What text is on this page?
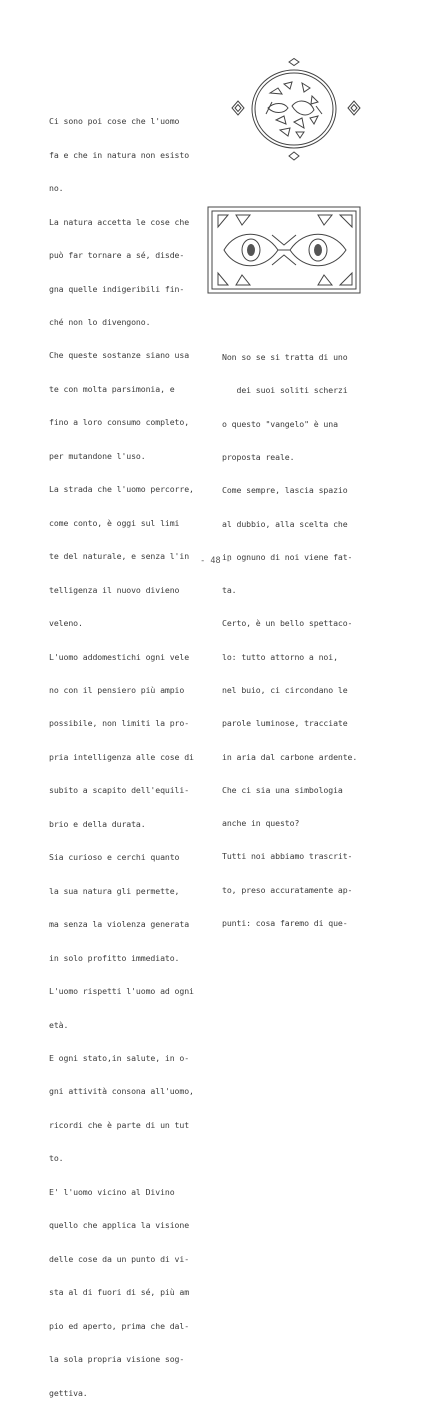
Ci sono poi cose che l'uomo

fa e che in natura non esisto

no.

La natura accetta le cose che

può far tornare a sé, disde-

gna quelle indigeribili fin-

ché non lo divengono.

Che queste sostanze siano usa

te con molta parsimonia, e

fino a loro consumo completo,

per mutandone l'uso.

La strada che l'uomo percorre,

come conto, è oggi sul limi

te del naturale, e senza l'in

telligenza il nuovo divieno

veleno.

L'uomo addomestichi ogni vele

no con il pensiero più ampio

possibile, non limiti la pro-

pria intelligenza alle cose di

subito a scapito dell'equili-

brio e della durata.

Sia curioso e cerchi quanto

la sua natura gli permette,

ma senza la violenza generata

in solo profitto immediato.

L'uomo rispetti l'uomo ad ogni

età.

E ogni stato,in salute, in o-

gni attività consona all'uomo,

ricordi che è parte di un tut

to.

E' l'uomo vicino al Divino

quello che applica la visione

delle cose da un punto di vi-

sta al di fuori di sé, più am

pio ed aperto, prima che dal-

la sola propria visione sog-

gettiva.

Non so se si tratta di uno

dei suoi soliti scherzi

o questo "vangelo" è una

proposta reale.

Come sempre, lascia spazio

al dubbio, alla scelta che

in ognuno di noi viene fat-

ta.

Certo, è un bello spettaco-

lo: tutto attorno a noi,

nel buio, ci circondano le

parole luminose, tracciate

in aria dal carbone ardente.

Che ci sia una simbologia

anche in questo?

Tutti noi abbiamo trascrit-

to, preso accuratamente ap-

punti: cosa faremo di que-

- 48 -
